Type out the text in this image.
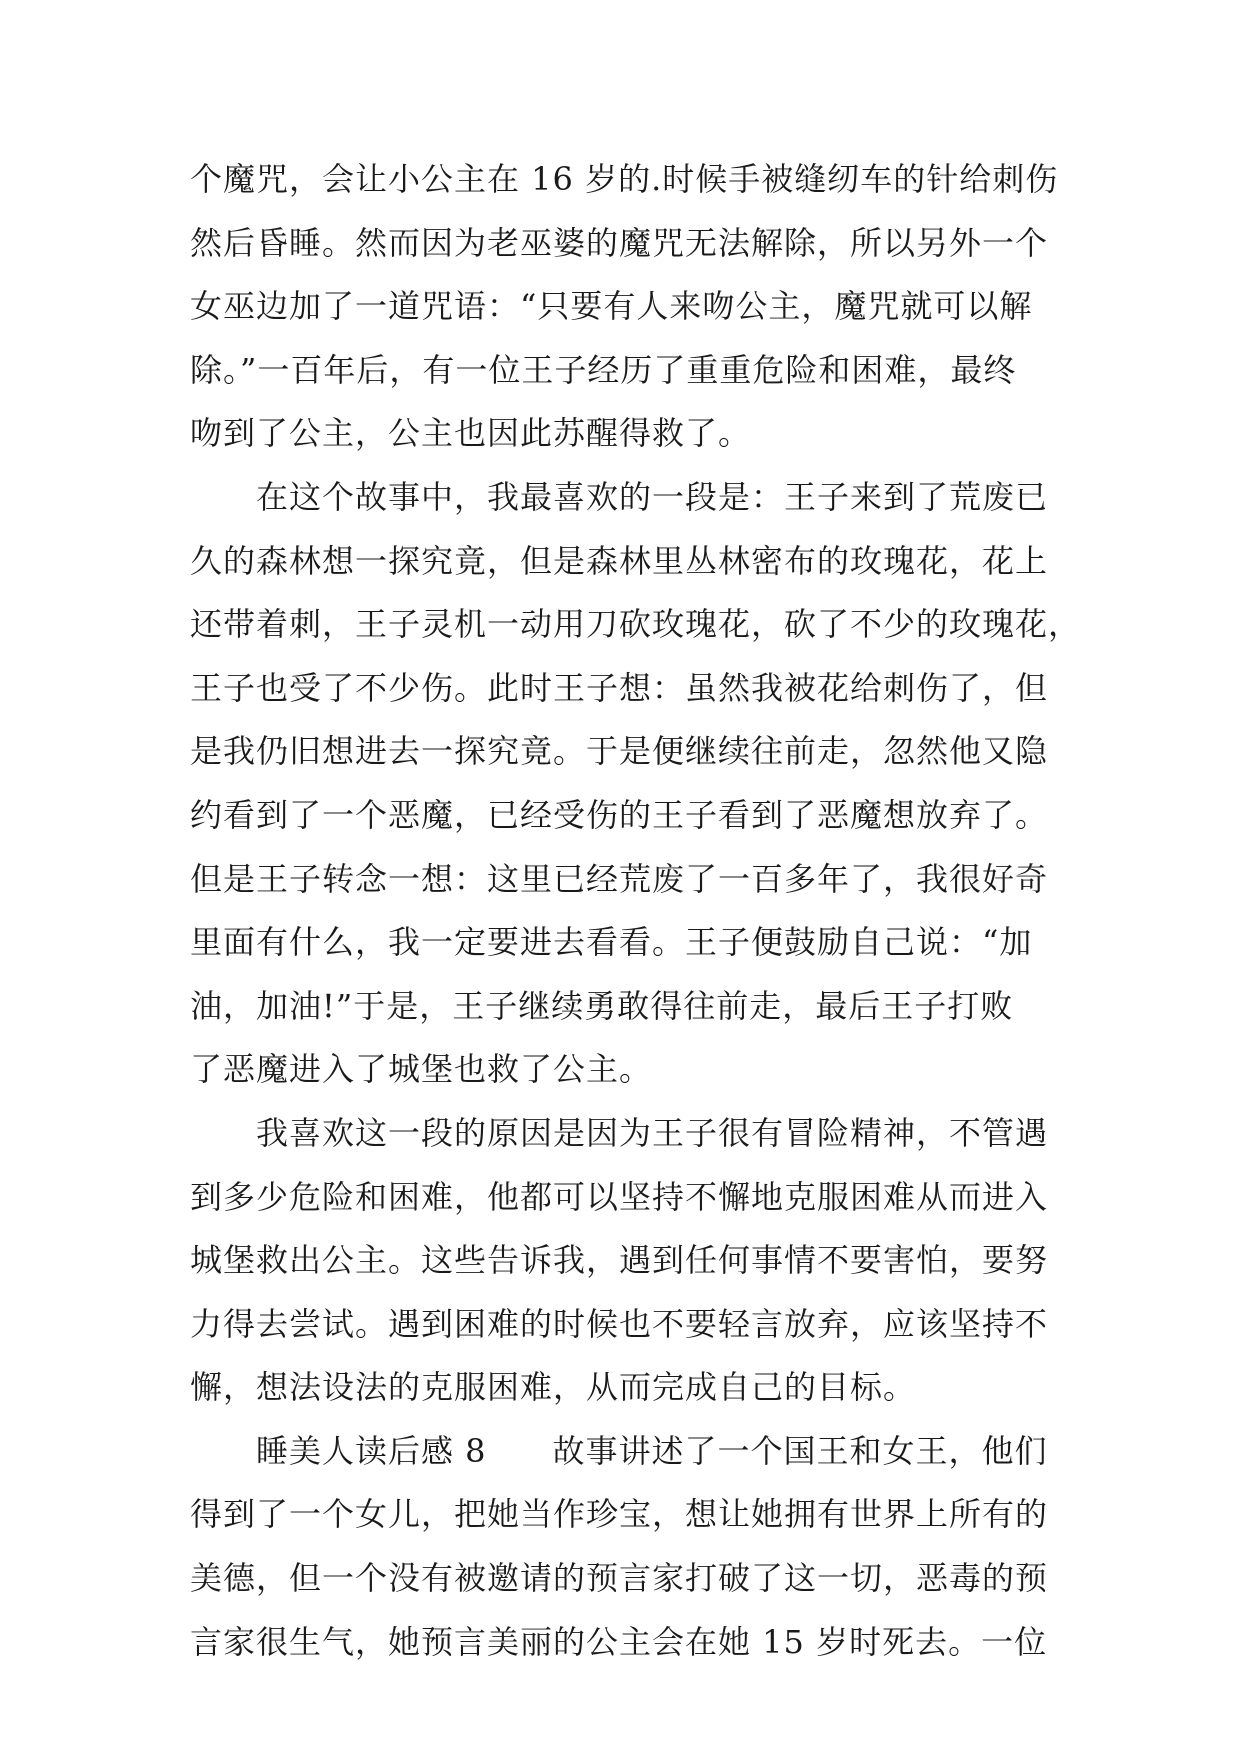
个魔咒，会让小公主在 16 岁的.时候手被缝纫车的针给刺伤
然后昏睡。然而因为老巫婆的魔咒无法解除，所以另外一个
女巫边加了一道咒语：“只要有人来吻公主，魔咒就可以解
除。”一百年后，有一位王子经历了重重危险和困难，最终
吻到了公主，公主也因此苏醒得救了。
在这个故事中，我最喜欢的一段是：王子来到了荒废已
久的森林想一探究竟，但是森林里丛林密布的玫瑰花，花上
还带着刺，王子灵机一动用刀砍玫瑰花，砍了不少的玫瑰花，
王子也受了不少伤。此时王子想：虽然我被花给刺伤了，但
是我仍旧想进去一探究竟。于是便继续往前走，忽然他又隐
约看到了一个恶魔，已经受伤的王子看到了恶魔想放弃了。
但是王子转念一想：这里已经荒废了一百多年了，我很好奇
里面有什么，我一定要进去看看。王子便鼓励自己说：“加
油，加油!”于是，王子继续勇敢得往前走，最后王子打败
了恶魔进入了城堡也救了公主。
我喜欢这一段的原因是因为王子很有冒险精神，不管遇
到多少危险和困难，他都可以坚持不懈地克服困难从而进入
城堡救出公主。这些告诉我，遇到任何事情不要害怕，要努
力得去尝试。遇到困难的时候也不要轻言放弃，应该坚持不
懈，想法设法的克服困难，从而完成自己的目标。
睡美人读后感 8　　故事讲述了一个国王和女王，他们
得到了一个女儿，把她当作珍宝，想让她拥有世界上所有的
美德，但一个没有被邀请的预言家打破了这一切，恶毒的预
言家很生气，她预言美丽的公主会在她 15 岁时死去。一位
